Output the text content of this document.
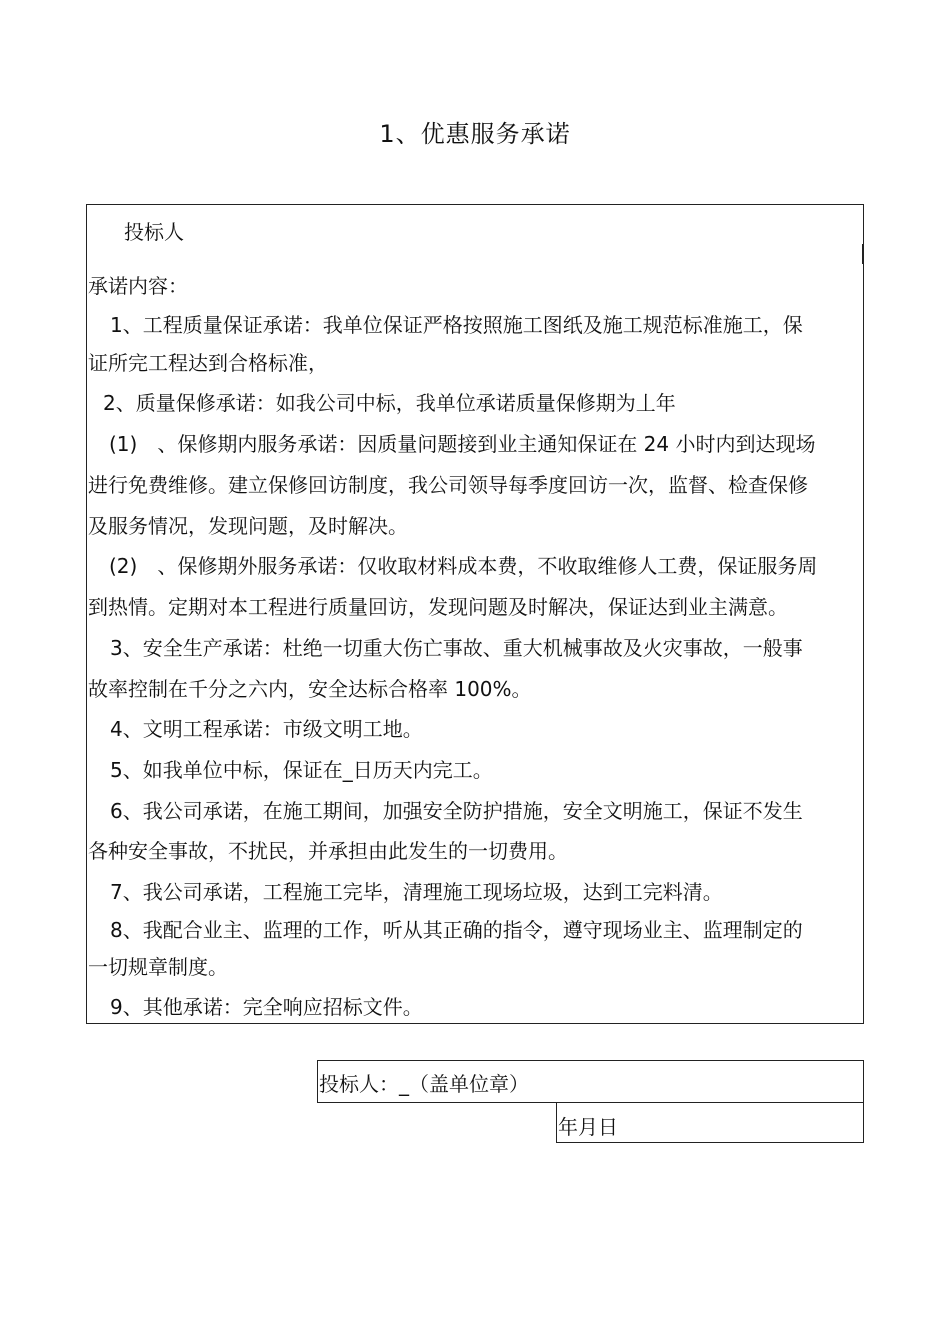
1、优惠服务承诺
投标人
承诺内容：
1、工程质量保证承诺：我单位保证严格按照施工图纸及施工规范标准施工，保
证所完工程达到合格标准，
2、质量保修承诺：如我公司中标，我单位承诺质量保修期为丄年
(1)　、保修期内服务承诺：因质量问题接到业主通知保证在 24 小时内到达现场
进行免费维修。建立保修回访制度，我公司领导每季度回访一次，监督、检查保修
及服务情况，发现问题，及时解决。
(2)　、保修期外服务承诺：仅收取材料成本费，不收取维修人工费，保证服务周
到热情。定期对本工程进行质量回访，发现问题及时解决，保证达到业主满意。
3、安全生产承诺：杜绝一切重大伤亡事故、重大机械事故及火灾事故，一般事
故率控制在千分之六内，安全达标合格率 100%。
4、文明工程承诺：市级文明工地。
5、如我单位中标，保证在_日历天内完工。
6、我公司承诺，在施工期间，加强安全防护措施，安全文明施工，保证不发生
各种安全事故，不扰民，并承担由此发生的一切费用。
7、我公司承诺，工程施工完毕，清理施工现场垃圾，达到工完料清。
8、我配合业主、监理的工作，听从其正确的指令，遵守现场业主、监理制定的
一切规章制度。
9、其他承诺：完全响应招标文件。
投标人：_（盖单位章）
年月日
